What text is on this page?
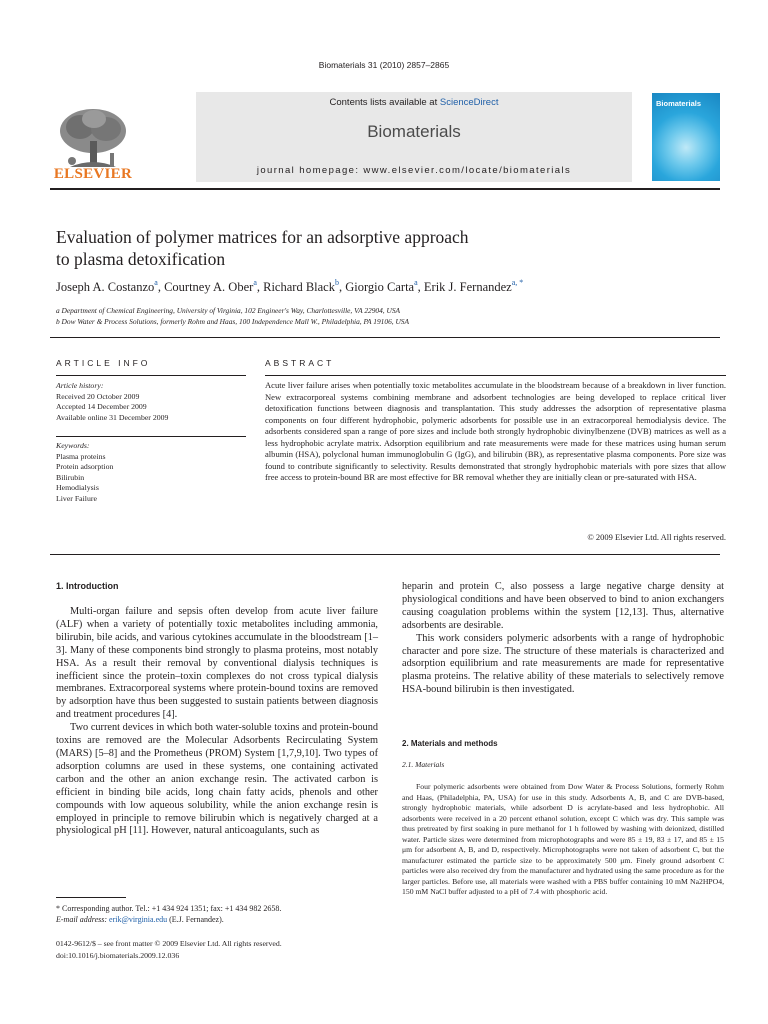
Biomaterials 31 (2010) 2857–2865
ELSEVIER
Contents lists available at ScienceDirect
Biomaterials
journal homepage: www.elsevier.com/locate/biomaterials
Biomaterials
Evaluation of polymer matrices for an adsorptive approach
to plasma detoxification
Joseph A. Costanzo$^a$, Courtney A. Ober$^a$, Richard Black$^b$, Giorgio Carta$^a$, Erik J. Fernandez$^{a, *}$
a Department of Chemical Engineering, University of Virginia, 102 Engineer's Way, Charlottesville, VA 22904, USA
b Dow Water & Process Solutions, formerly Rohm and Haas, 100 Independence Mall W., Philadelphia, PA 19106, USA
ARTICLE INFO	ABSTRACT
Article history:
Received 20 October 2009
Accepted 14 December 2009
Available online 31 December 2009
Keywords:
Plasma proteins
Protein adsorption
Bilirubin
Hemodialysis
Liver Failure
Acute liver failure arises when potentially toxic metabolites accumulate in the bloodstream because of a breakdown in liver function. New extracorporeal systems combining membrane and adsorbent technologies are being developed to replace critical liver detoxification functions between diagnosis and transplantation. This study addresses the adsorption of representative plasma components on four different hydrophobic, polymeric adsorbents for possible use in an extracorporeal hemodialysis device. The adsorbents considered span a range of pore sizes and include both strongly hydrophobic divinylbenzene (DVB) matrices as well as a less hydrophobic acrylate matrix. Adsorption equilibrium and rate measurements were made for these matrices using human serum albumin (HSA), polyclonal human immunoglobulin G (IgG), and bilirubin (BR), as representative plasma components. Pore size was found to contribute significantly to selectivity. Results demonstrated that strongly hydrophobic materials with pore sizes that allow free access to protein-bound BR are most effective for BR removal whether they are initially clean or pre-saturated with HSA.
© 2009 Elsevier Ltd. All rights reserved.
1. Introduction

Multi-organ failure and sepsis often develop from acute liver failure (ALF) when a variety of potentially toxic metabolites including ammonia, bilirubin, bile acids, and various cytokines accumulate in the bloodstream [1–3]. Many of these components bind strongly to plasma proteins, most notably HSA. As a result their removal by conventional dialysis techniques is inefficient since the protein–toxin complexes do not cross typical dialysis membranes. Extracorporeal systems where protein-bound toxins are removed by adsorption have thus been suggested to sustain patients between diagnosis and treatment procedures [4].

Two current devices in which both water-soluble toxins and protein-bound toxins are removed are the Molecular Adsorbents Recirculating System (MARS) [5–8] and the Prometheus (PROM) System [1,7,9,10]. Two types of adsorption columns are used in these systems, one containing activated carbon and the other an anion exchange resin. The activated carbon is efficient in binding bile acids, long chain fatty acids, phenols and other compounds with low aqueous solubility, while the anion exchange resin is employed in principle to remove bilirubin which is negatively charged at a physiological pH [11]. However, natural anticoagulants, such as

heparin and protein C, also possess a large negative charge density at physiological conditions and have been observed to bind to anion exchangers causing coagulation problems within the system [12,13]. Thus, alternative adsorbents are desirable.

This work considers polymeric adsorbents with a range of hydrophobic character and pore size. The structure of these materials is characterized and adsorption equilibrium and rate measurements are made for representative plasma proteins. The relative ability of these materials to selectively remove HSA-bound bilirubin is then investigated.

2. Materials and methods
2.1. Materials

Four polymeric adsorbents were obtained from Dow Water & Process Solutions, formerly Rohm and Haas, (Philadelphia, PA, USA) for use in this study. Adsorbents A, B, and C are DVB-based, strongly hydrophobic materials, while adsorbent D is acrylate-based and less hydrophobic. All adsorbents were received in a 20 percent ethanol solution, except C which was dry. This sample was thus pretreated by first soaking in pure methanol for 1 h followed by washing with deionized, distilled water. Particle sizes were determined from microphotographs and were 85 ± 19, 83 ± 17, and 85 ± 15 μm for adsorbent A, B, and D, respectively. Microphotographs were not taken of adsorbent C, but the manufacturer estimated the particle size to be approximately 500 μm. Finely ground adsorbent C particles were also received dry from the manufacturer and hydrated using the same procedure as for the larger particles. Before use, all materials were washed with a PBS buffer containing 10 mM Na2HPO4, 150 mM NaCl buffer adjusted to a pH of 7.4 with phosphoric acid.

* Corresponding author. Tel.: +1 434 924 1351; fax: +1 434 982 2658.
E-mail address: erik@virginia.edu (E.J. Fernandez).
0142-9612/$ – see front matter © 2009 Elsevier Ltd. All rights reserved.
doi:10.1016/j.biomaterials.2009.12.036
